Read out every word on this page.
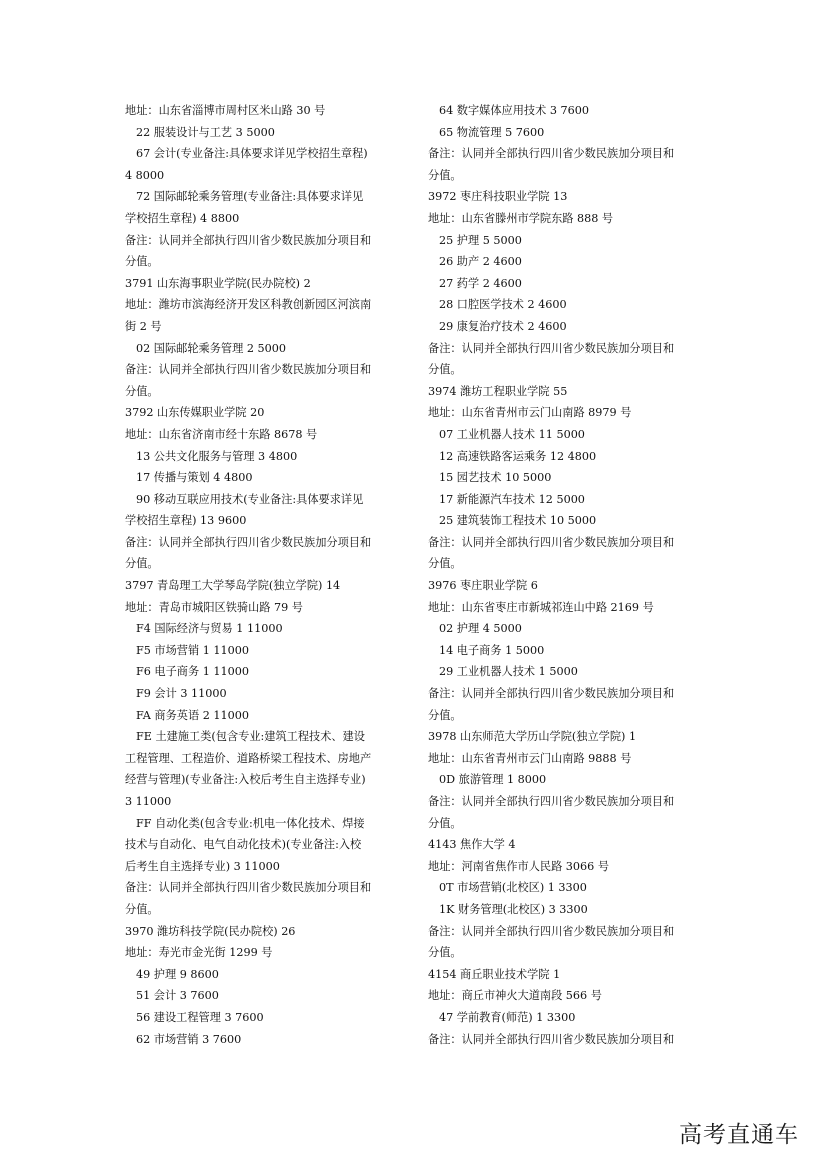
地址：山东省淄博市周村区米山路 30 号
22 服装设计与工艺 3 5000
67 会计(专业备注:具体要求详见学校招生章程)
4 8000
72 国际邮轮乘务管理(专业备注:具体要求详见
学校招生章程) 4 8800
备注：认同并全部执行四川省少数民族加分项目和
分值。
3791 山东海事职业学院(民办院校) 2
地址：潍坊市滨海经济开发区科教创新园区河滨南
街 2 号
02 国际邮轮乘务管理 2 5000
备注：认同并全部执行四川省少数民族加分项目和
分值。
3792 山东传媒职业学院 20
地址：山东省济南市经十东路 8678 号
13 公共文化服务与管理 3 4800
17 传播与策划 4 4800
90 移动互联应用技术(专业备注:具体要求详见
学校招生章程) 13 9600
备注：认同并全部执行四川省少数民族加分项目和
分值。
3797 青岛理工大学琴岛学院(独立学院) 14
地址：青岛市城阳区铁骑山路 79 号
F4 国际经济与贸易 1 11000
F5 市场营销 1 11000
F6 电子商务 1 11000
F9 会计 3 11000
FA 商务英语 2 11000
FE 土建施工类(包含专业:建筑工程技术、建设
工程管理、工程造价、道路桥梁工程技术、房地产
经营与管理)(专业备注:入校后考生自主选择专业)
3 11000
FF 自动化类(包含专业:机电一体化技术、焊接
技术与自动化、电气自动化技术)(专业备注:入校
后考生自主选择专业) 3 11000
备注：认同并全部执行四川省少数民族加分项目和
分值。
3970 潍坊科技学院(民办院校) 26
地址：寿光市金光街 1299 号
49 护理 9 8600
51 会计 3 7600
56 建设工程管理 3 7600
62 市场营销 3 7600
64 数字媒体应用技术 3 7600
65 物流管理 5 7600
备注：认同并全部执行四川省少数民族加分项目和
分值。
3972 枣庄科技职业学院 13
地址：山东省滕州市学院东路 888 号
25 护理 5 5000
26 助产 2 4600
27 药学 2 4600
28 口腔医学技术 2 4600
29 康复治疗技术 2 4600
备注：认同并全部执行四川省少数民族加分项目和
分值。
3974 潍坊工程职业学院 55
地址：山东省青州市云门山南路 8979 号
07 工业机器人技术 11 5000
12 高速铁路客运乘务 12 4800
15 园艺技术 10 5000
17 新能源汽车技术 12 5000
25 建筑装饰工程技术 10 5000
备注：认同并全部执行四川省少数民族加分项目和
分值。
3976 枣庄职业学院 6
地址：山东省枣庄市新城祁连山中路 2169 号
02 护理 4 5000
14 电子商务 1 5000
29 工业机器人技术 1 5000
备注：认同并全部执行四川省少数民族加分项目和
分值。
3978 山东师范大学历山学院(独立学院) 1
地址：山东省青州市云门山南路 9888 号
0D 旅游管理 1 8000
备注：认同并全部执行四川省少数民族加分项目和
分值。
4143 焦作大学 4
地址：河南省焦作市人民路 3066 号
0T 市场营销(北校区) 1 3300
1K 财务管理(北校区) 3 3300
备注：认同并全部执行四川省少数民族加分项目和
分值。
4154 商丘职业技术学院 1
地址：商丘市神火大道南段 566 号
47 学前教育(师范) 1 3300
备注：认同并全部执行四川省少数民族加分项目和
高考直通车
